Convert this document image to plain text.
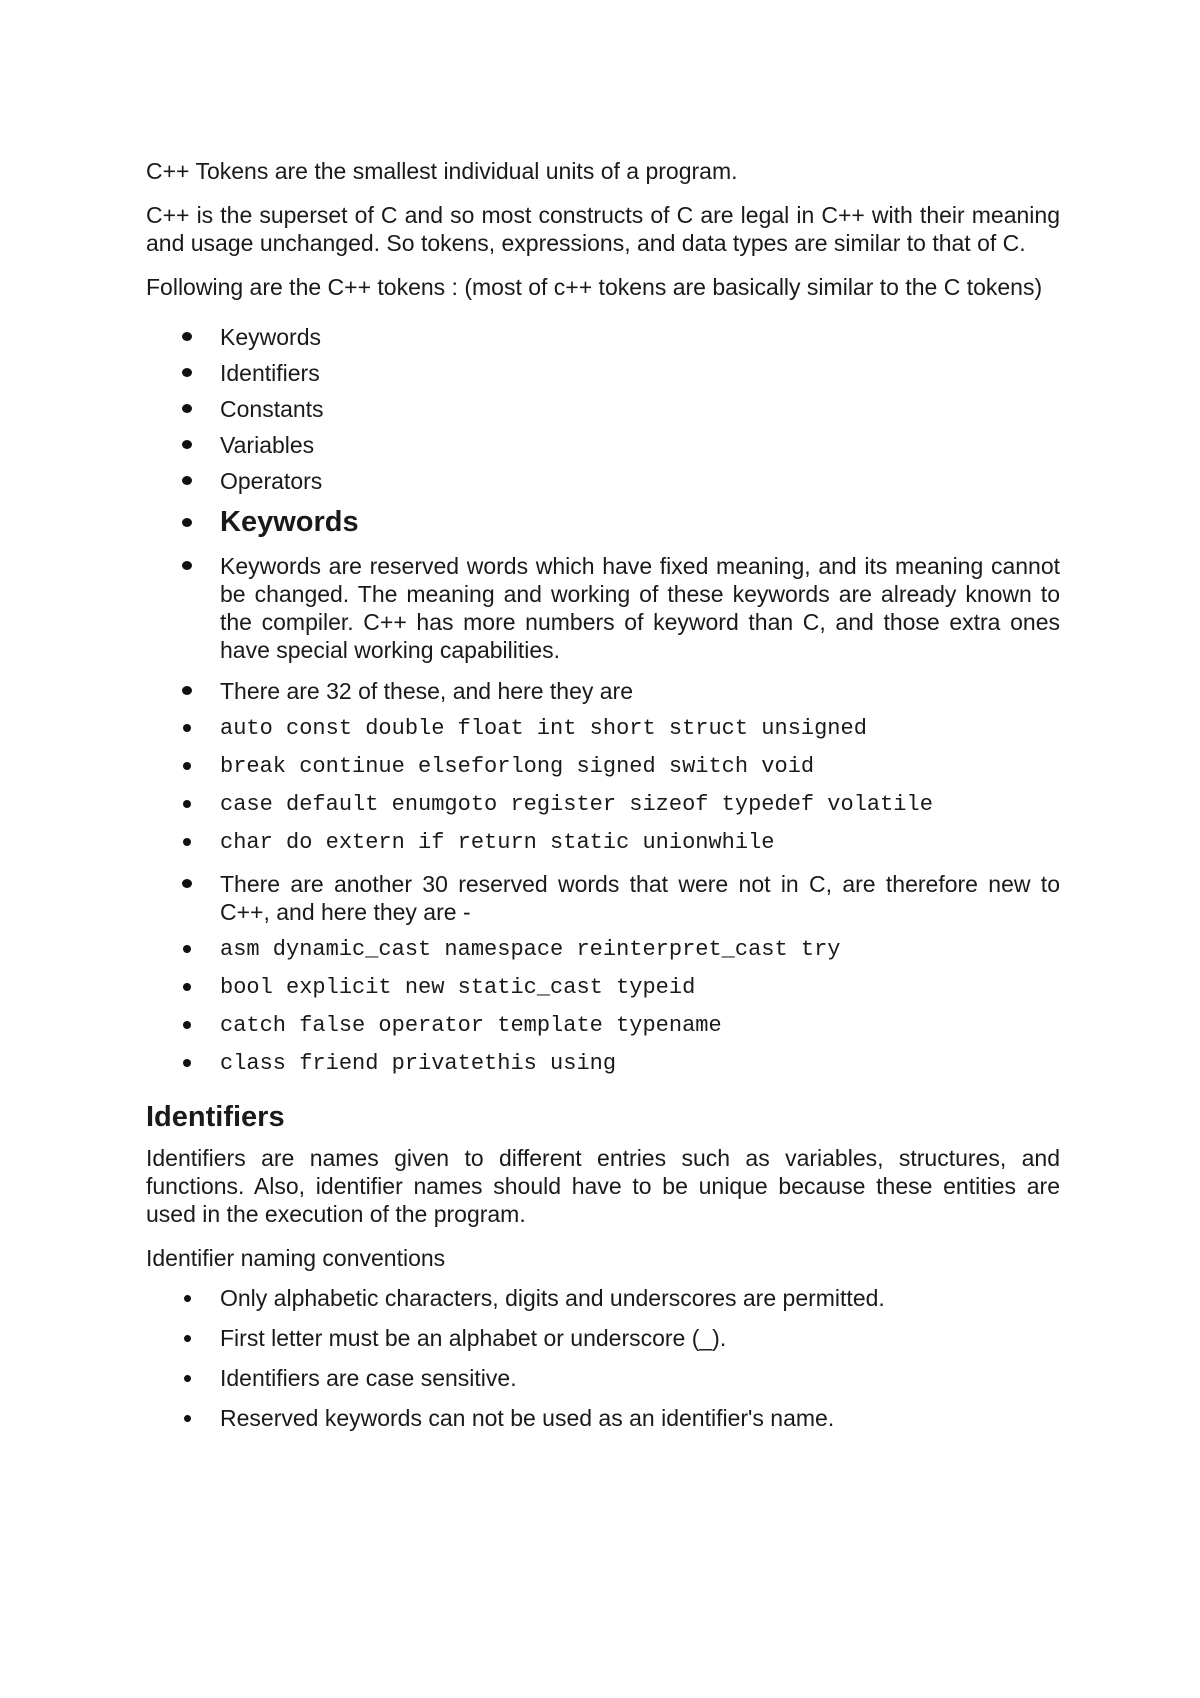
C++ Tokens are the smallest individual units of a program.

C++ is the superset of C and so most constructs of C are legal in C++ with their meaning and usage unchanged. So tokens, expressions, and data types are similar to that of C.

Following are the C++ tokens : (most of c++ tokens are basically similar to the C tokens)

Keywords
Identifiers
Constants
Variables
Operators
Keywords
Keywords are reserved words which have fixed meaning, and its meaning cannot be changed. The meaning and working of these keywords are already known to the compiler. C++ has more numbers of keyword than C, and those extra ones have special working capabilities.
There are 32 of these, and here they are
auto const double float int short struct unsigned
break continue elseforlong signed switch void
case default enumgoto register sizeof typedef volatile
char do extern if return static unionwhile
There are another 30 reserved words that were not in C, are therefore new to C++, and here they are -
asm dynamic_cast namespace reinterpret_cast try
bool explicit new static_cast typeid
catch false operator template typename
class friend privatethis using
Identifiers

Identifiers are names given to different entries such as variables, structures, and functions. Also, identifier names should have to be unique because these entities are used in the execution of the program.

Identifier naming conventions

Only alphabetic characters, digits and underscores are permitted.
First letter must be an alphabet or underscore (_).
Identifiers are case sensitive.
Reserved keywords can not be used as an identifier's name.
